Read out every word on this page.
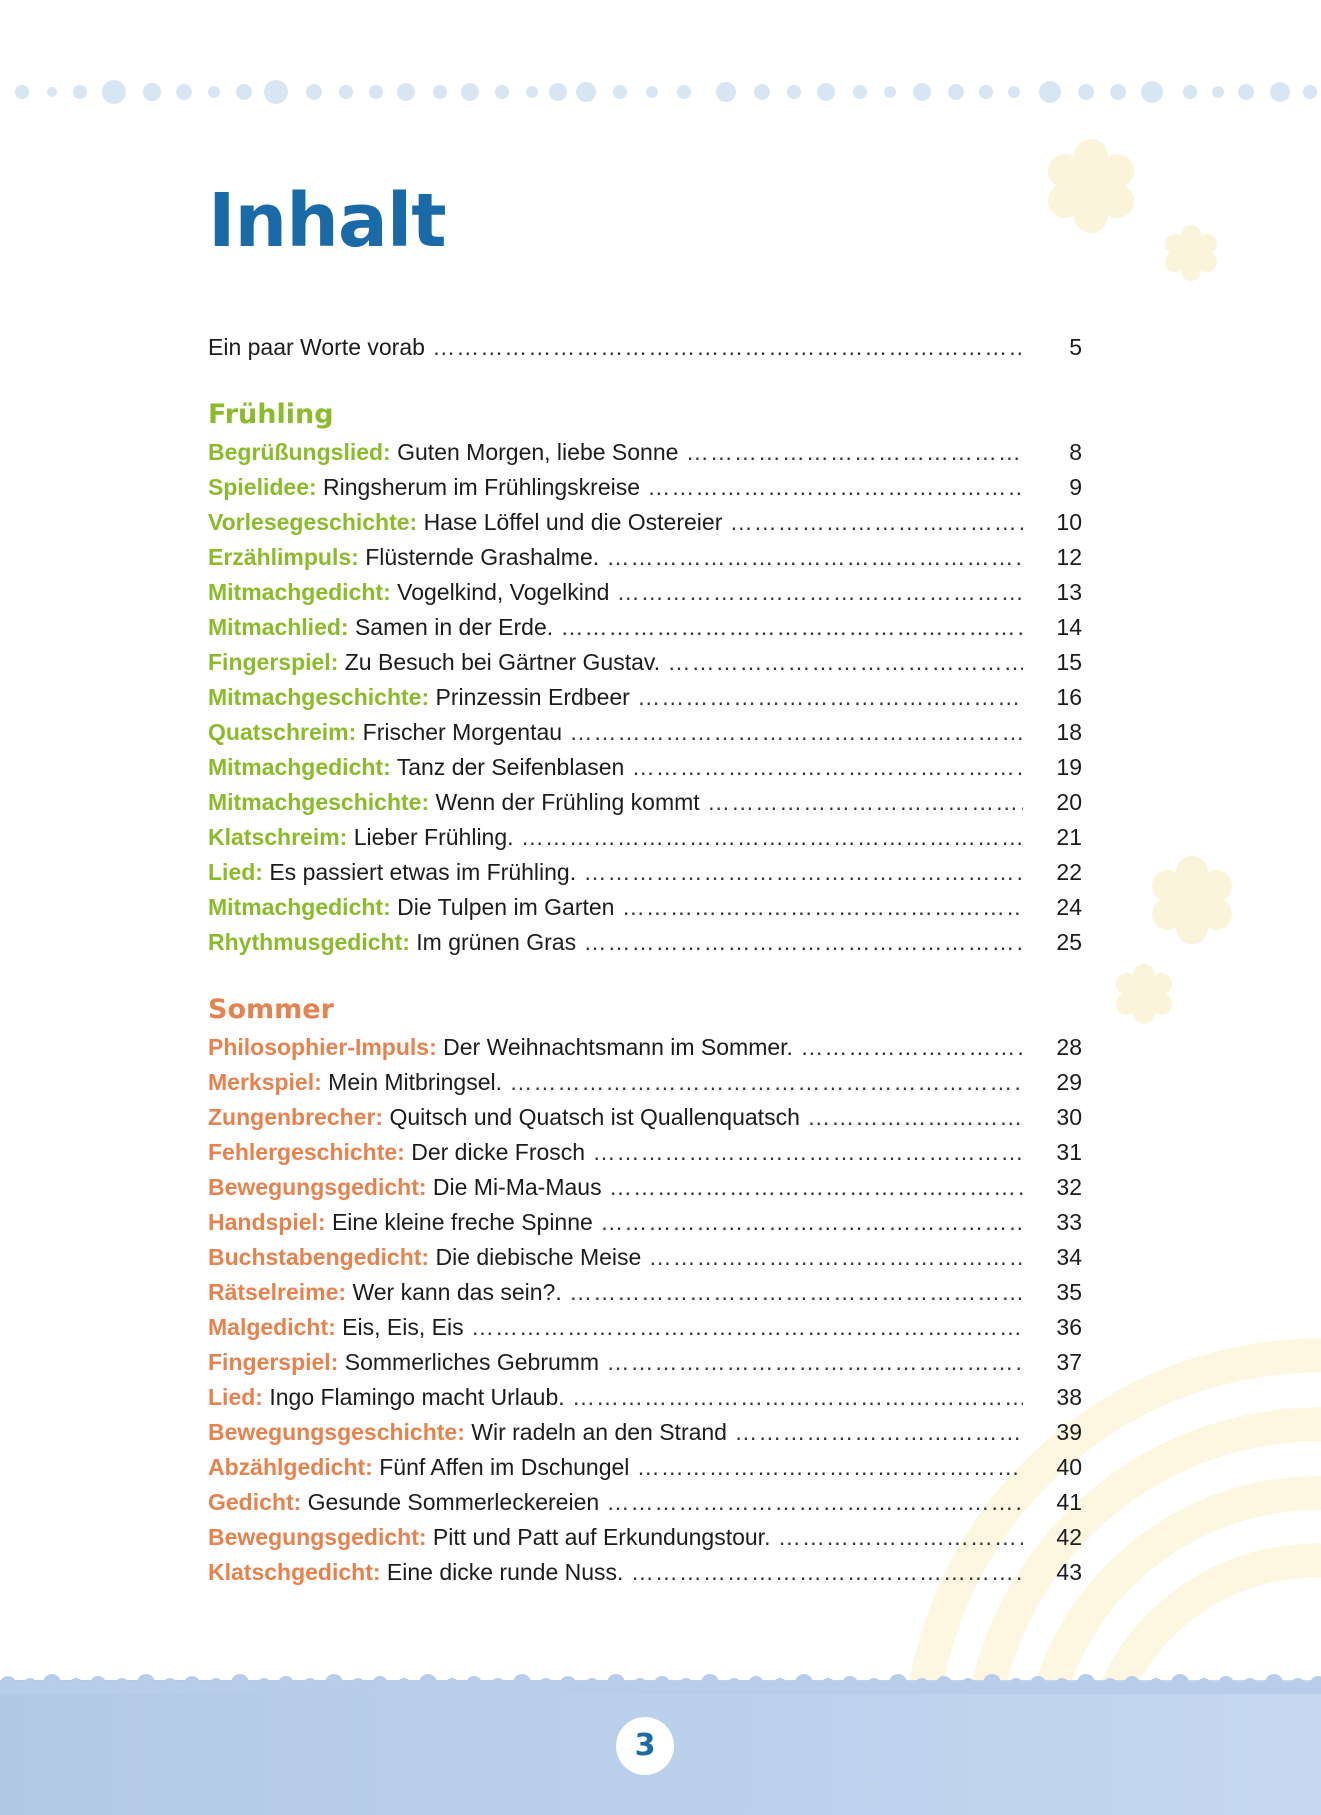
Inhalt
Ein paar Worte vorab …………………………………………………………………………………………………………………………………………………………………	5
Frühling
Begrüßungslied: Guten Morgen, liebe Sonne …………………………………………………………………………………………………………………………………………………………………	8
Spielidee: Ringsherum im Frühlingskreise …………………………………………………………………………………………………………………………………………………………………	9
Vorlesegeschichte: Hase Löffel und die Ostereier …………………………………………………………………………………………………………………………………………………………………	10
Erzählimpuls: Flüsternde Grashalme. …………………………………………………………………………………………………………………………………………………………………	12
Mitmachgedicht: Vogelkind, Vogelkind …………………………………………………………………………………………………………………………………………………………………	13
Mitmachlied: Samen in der Erde. …………………………………………………………………………………………………………………………………………………………………	14
Fingerspiel: Zu Besuch bei Gärtner Gustav. …………………………………………………………………………………………………………………………………………………………………	15
Mitmachgeschichte: Prinzessin Erdbeer …………………………………………………………………………………………………………………………………………………………………	16
Quatschreim: Frischer Morgentau …………………………………………………………………………………………………………………………………………………………………	18
Mitmachgedicht: Tanz der Seifenblasen …………………………………………………………………………………………………………………………………………………………………	19
Mitmachgeschichte: Wenn der Frühling kommt …………………………………………………………………………………………………………………………………………………………………	20
Klatschreim: Lieber Frühling. …………………………………………………………………………………………………………………………………………………………………	21
Lied: Es passiert etwas im Frühling. …………………………………………………………………………………………………………………………………………………………………	22
Mitmachgedicht: Die Tulpen im Garten …………………………………………………………………………………………………………………………………………………………………	24
Rhythmusgedicht: Im grünen Gras …………………………………………………………………………………………………………………………………………………………………	25
Sommer
Philosophier-Impuls: Der Weihnachtsmann im Sommer. …………………………………………………………………………………………………………………………………………………………………	28
Merkspiel: Mein Mitbringsel. …………………………………………………………………………………………………………………………………………………………………	29
Zungenbrecher: Quitsch und Quatsch ist Quallenquatsch …………………………………………………………………………………………………………………………………………………………………	30
Fehlergeschichte: Der dicke Frosch …………………………………………………………………………………………………………………………………………………………………	31
Bewegungsgedicht: Die Mi-Ma-Maus …………………………………………………………………………………………………………………………………………………………………	32
Handspiel: Eine kleine freche Spinne …………………………………………………………………………………………………………………………………………………………………	33
Buchstabengedicht: Die diebische Meise …………………………………………………………………………………………………………………………………………………………………	34
Rätselreime: Wer kann das sein?. …………………………………………………………………………………………………………………………………………………………………	35
Malgedicht: Eis, Eis, Eis …………………………………………………………………………………………………………………………………………………………………	36
Fingerspiel: Sommerliches Gebrumm …………………………………………………………………………………………………………………………………………………………………	37
Lied: Ingo Flamingo macht Urlaub. …………………………………………………………………………………………………………………………………………………………………	38
Bewegungsgeschichte: Wir radeln an den Strand …………………………………………………………………………………………………………………………………………………………………	39
Abzählgedicht: Fünf Affen im Dschungel …………………………………………………………………………………………………………………………………………………………………	40
Gedicht: Gesunde Sommerleckereien …………………………………………………………………………………………………………………………………………………………………	41
Bewegungsgedicht: Pitt und Patt auf Erkundungstour. …………………………………………………………………………………………………………………………………………………………………	42
Klatschgedicht: Eine dicke runde Nuss. …………………………………………………………………………………………………………………………………………………………………	43
3
